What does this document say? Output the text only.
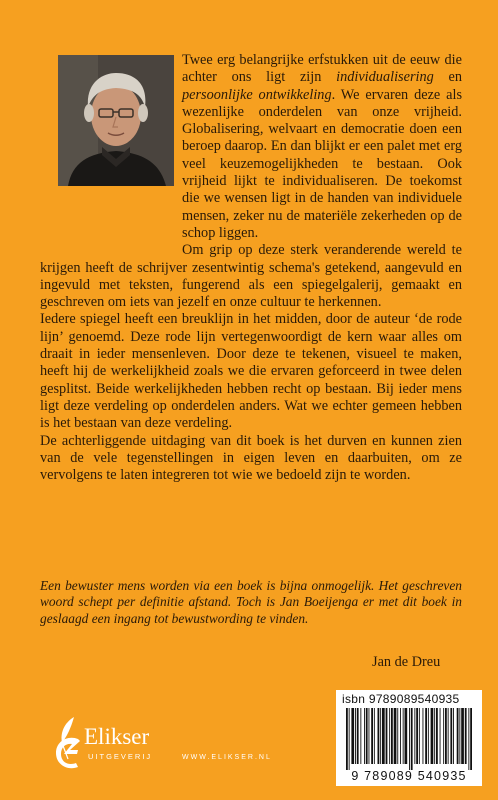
Twee erg belangrijke erfstukken uit de eeuw die achter ons ligt zijn individualisering en persoonlijke ontwikkeling. We ervaren deze als wezenlijke onderdelen van onze vrijheid. Globalisering, welvaart en democratie doen een beroep daarop. En dan blijkt er een palet met erg veel keuzemogelijkheden te bestaan. Ook vrijheid lijkt te individualiseren. De toekomst die we wensen ligt in de handen van individuele mensen, zeker nu de materiële zekerheden op de schop liggen.

Om grip op deze sterk veranderende wereld te krijgen heeft de schrijver zesentwintig schema's getekend, aangevuld en ingevuld met teksten, fungerend als een spiegelgalerij, gemaakt en geschreven om iets van jezelf en onze cultuur te herkennen.

Iedere spiegel heeft een breuklijn in het midden, door de auteur ‘de rode lijn’ genoemd. Deze rode lijn vertegenwoordigt de kern waar alles om draait in ieder mensenleven. Door deze te tekenen, visueel te maken, heeft hij de werkelijkheid zoals we die ervaren geforceerd in twee delen gesplitst. Beide werkelijkheden hebben recht op bestaan. Bij ieder mens ligt deze verdeling op onderdelen anders. Wat we echter gemeen hebben is het bestaan van deze verdeling.

De achterliggende uitdaging van dit boek is het durven en kunnen zien van de vele tegenstellingen in eigen leven en daarbuiten, om ze vervolgens te laten integreren tot wie we bedoeld zijn te worden.

Een bewuster mens worden via een boek is bijna onmogelijk. Het geschreven woord schept per definitie afstand. Toch is Jan Boeijenga er met dit boek in geslaagd een ingang tot bewustwording te vinden.
Jan de Dreu
isbn 9789089540935
9 789089 540935
Elikser
UITGEVERIJ	WWW.ELIKSER.NL
